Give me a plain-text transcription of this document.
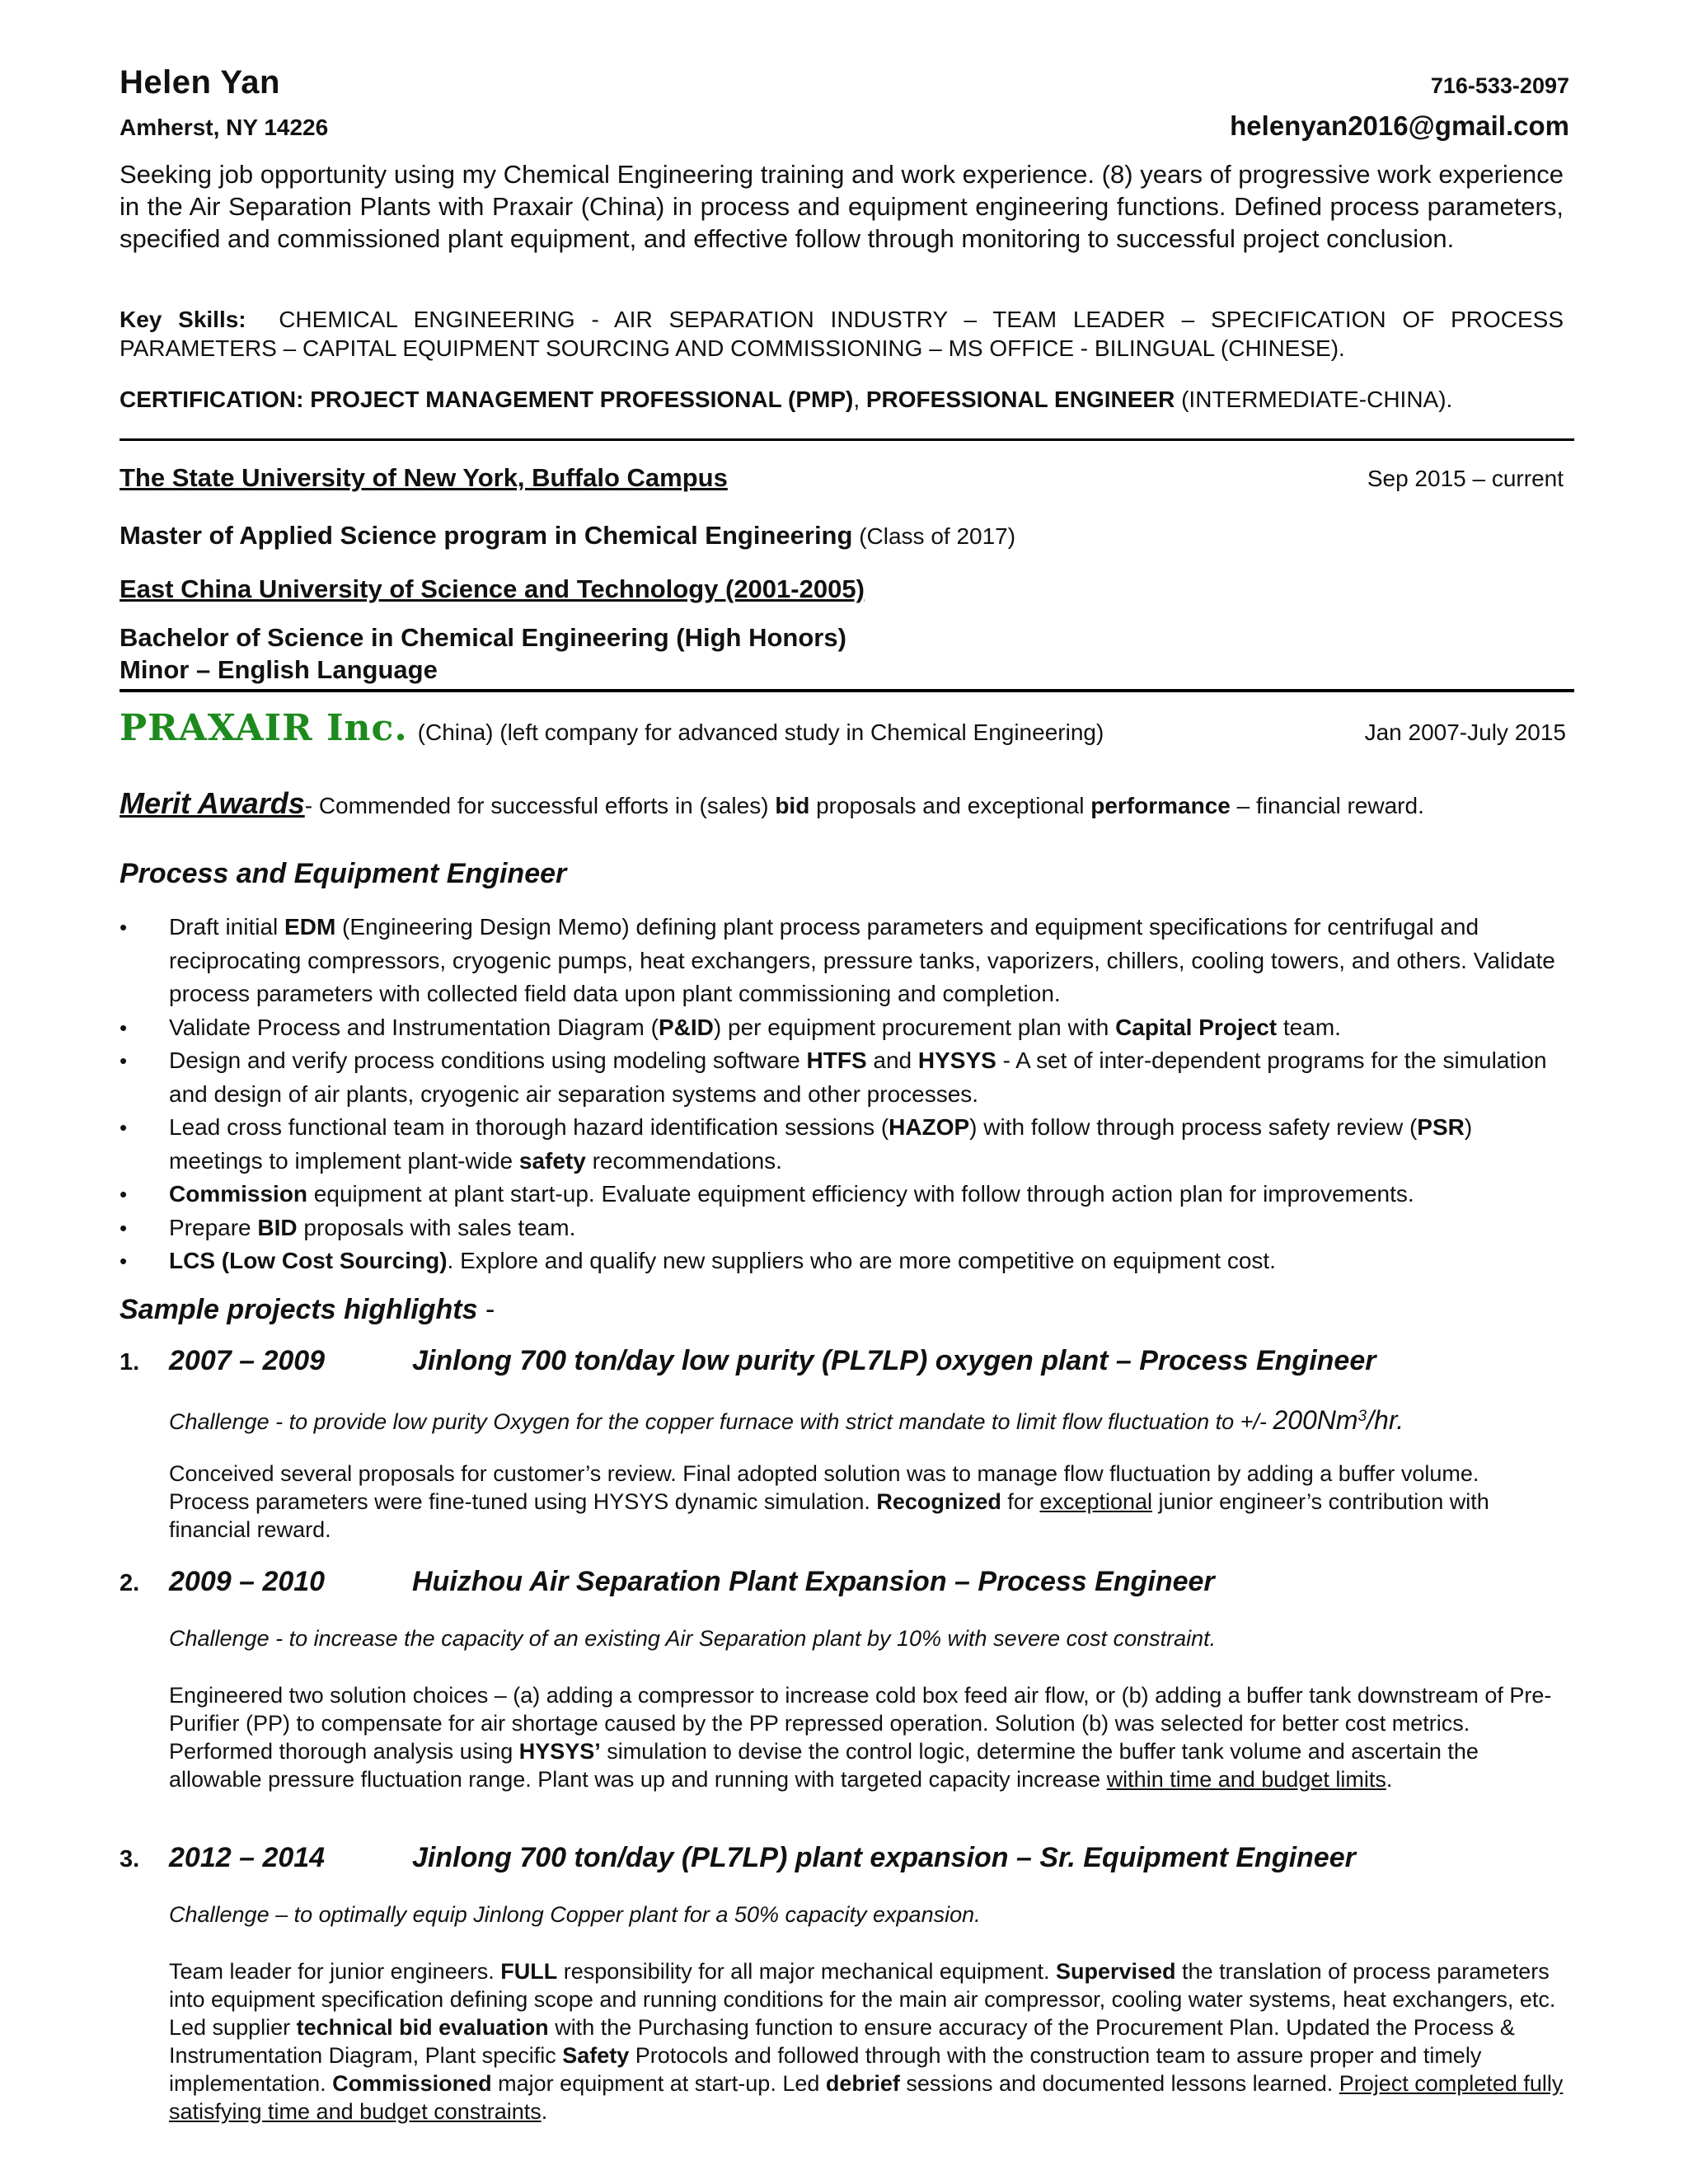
Helen Yan	716-533-2097
Amherst, NY 14226	helenyan2016@gmail.com
Seeking job opportunity using my Chemical Engineering training and work experience. (8) years of progressive work experience in the Air Separation Plants with Praxair (China) in process and equipment engineering functions. Defined process parameters, specified and commissioned plant equipment, and effective follow through monitoring to successful project conclusion.
Key Skills: CHEMICAL ENGINEERING - AIR SEPARATION INDUSTRY – TEAM LEADER – SPECIFICATION OF PROCESS PARAMETERS – CAPITAL EQUIPMENT SOURCING AND COMMISSIONING – MS OFFICE - BILINGUAL (CHINESE).
CERTIFICATION: PROJECT MANAGEMENT PROFESSIONAL (PMP), PROFESSIONAL ENGINEER (INTERMEDIATE-CHINA).
The State University of New York, Buffalo Campus	Sep 2015 – current
Master of Applied Science program in Chemical Engineering (Class of 2017)
East China University of Science and Technology (2001-2005)
Bachelor of Science in Chemical Engineering (High Honors)
Minor – English Language
PRAXAIR Inc. (China) (left company for advanced study in Chemical Engineering)	Jan 2007-July 2015
Merit Awards- Commended for successful efforts in (sales) bid proposals and exceptional performance – financial reward.
Process and Equipment Engineer
• Draft initial EDM (Engineering Design Memo) defining plant process parameters and equipment specifications for centrifugal and reciprocating compressors, cryogenic pumps, heat exchangers, pressure tanks, vaporizers, chillers, cooling towers, and others. Validate process parameters with collected field data upon plant commissioning and completion.
• Validate Process and Instrumentation Diagram (P&ID) per equipment procurement plan with Capital Project team.
• Design and verify process conditions using modeling software HTFS and HYSYS - A set of inter-dependent programs for the simulation and design of air plants, cryogenic air separation systems and other processes.
• Lead cross functional team in thorough hazard identification sessions (HAZOP) with follow through process safety review (PSR) meetings to implement plant-wide safety recommendations.
• Commission equipment at plant start-up. Evaluate equipment efficiency with follow through action plan for improvements.
• Prepare BID proposals with sales team.
• LCS (Low Cost Sourcing). Explore and qualify new suppliers who are more competitive on equipment cost.
Sample projects highlights -
1.	2007 – 2009	Jinlong 700 ton/day low purity (PL7LP) oxygen plant – Process Engineer
Challenge - to provide low purity Oxygen for the copper furnace with strict mandate to limit flow fluctuation to +/- 200Nm$^3$/hr.
Conceived several proposals for customer’s review. Final adopted solution was to manage flow fluctuation by adding a buffer volume. Process parameters were fine-tuned using HYSYS dynamic simulation. Recognized for exceptional junior engineer’s contribution with financial reward.
2.	2009 – 2010	Huizhou Air Separation Plant Expansion – Process Engineer
Challenge - to increase the capacity of an existing Air Separation plant by 10% with severe cost constraint.
Engineered two solution choices – (a) adding a compressor to increase cold box feed air flow, or (b) adding a buffer tank downstream of Pre-Purifier (PP) to compensate for air shortage caused by the PP repressed operation. Solution (b) was selected for better cost metrics. Performed thorough analysis using HYSYS’ simulation to devise the control logic, determine the buffer tank volume and ascertain the allowable pressure fluctuation range. Plant was up and running with targeted capacity increase within time and budget limits.
3.	2012 – 2014	Jinlong 700 ton/day (PL7LP) plant expansion – Sr. Equipment Engineer
Challenge – to optimally equip Jinlong Copper plant for a 50% capacity expansion.
Team leader for junior engineers. FULL responsibility for all major mechanical equipment. Supervised the translation of process parameters into equipment specification defining scope and running conditions for the main air compressor, cooling water systems, heat exchangers, etc. Led supplier technical bid evaluation with the Purchasing function to ensure accuracy of the Procurement Plan. Updated the Process & Instrumentation Diagram, Plant specific Safety Protocols and followed through with the construction team to assure proper and timely implementation. Commissioned major equipment at start-up. Led debrief sessions and documented lessons learned. Project completed fully satisfying time and budget constraints.
